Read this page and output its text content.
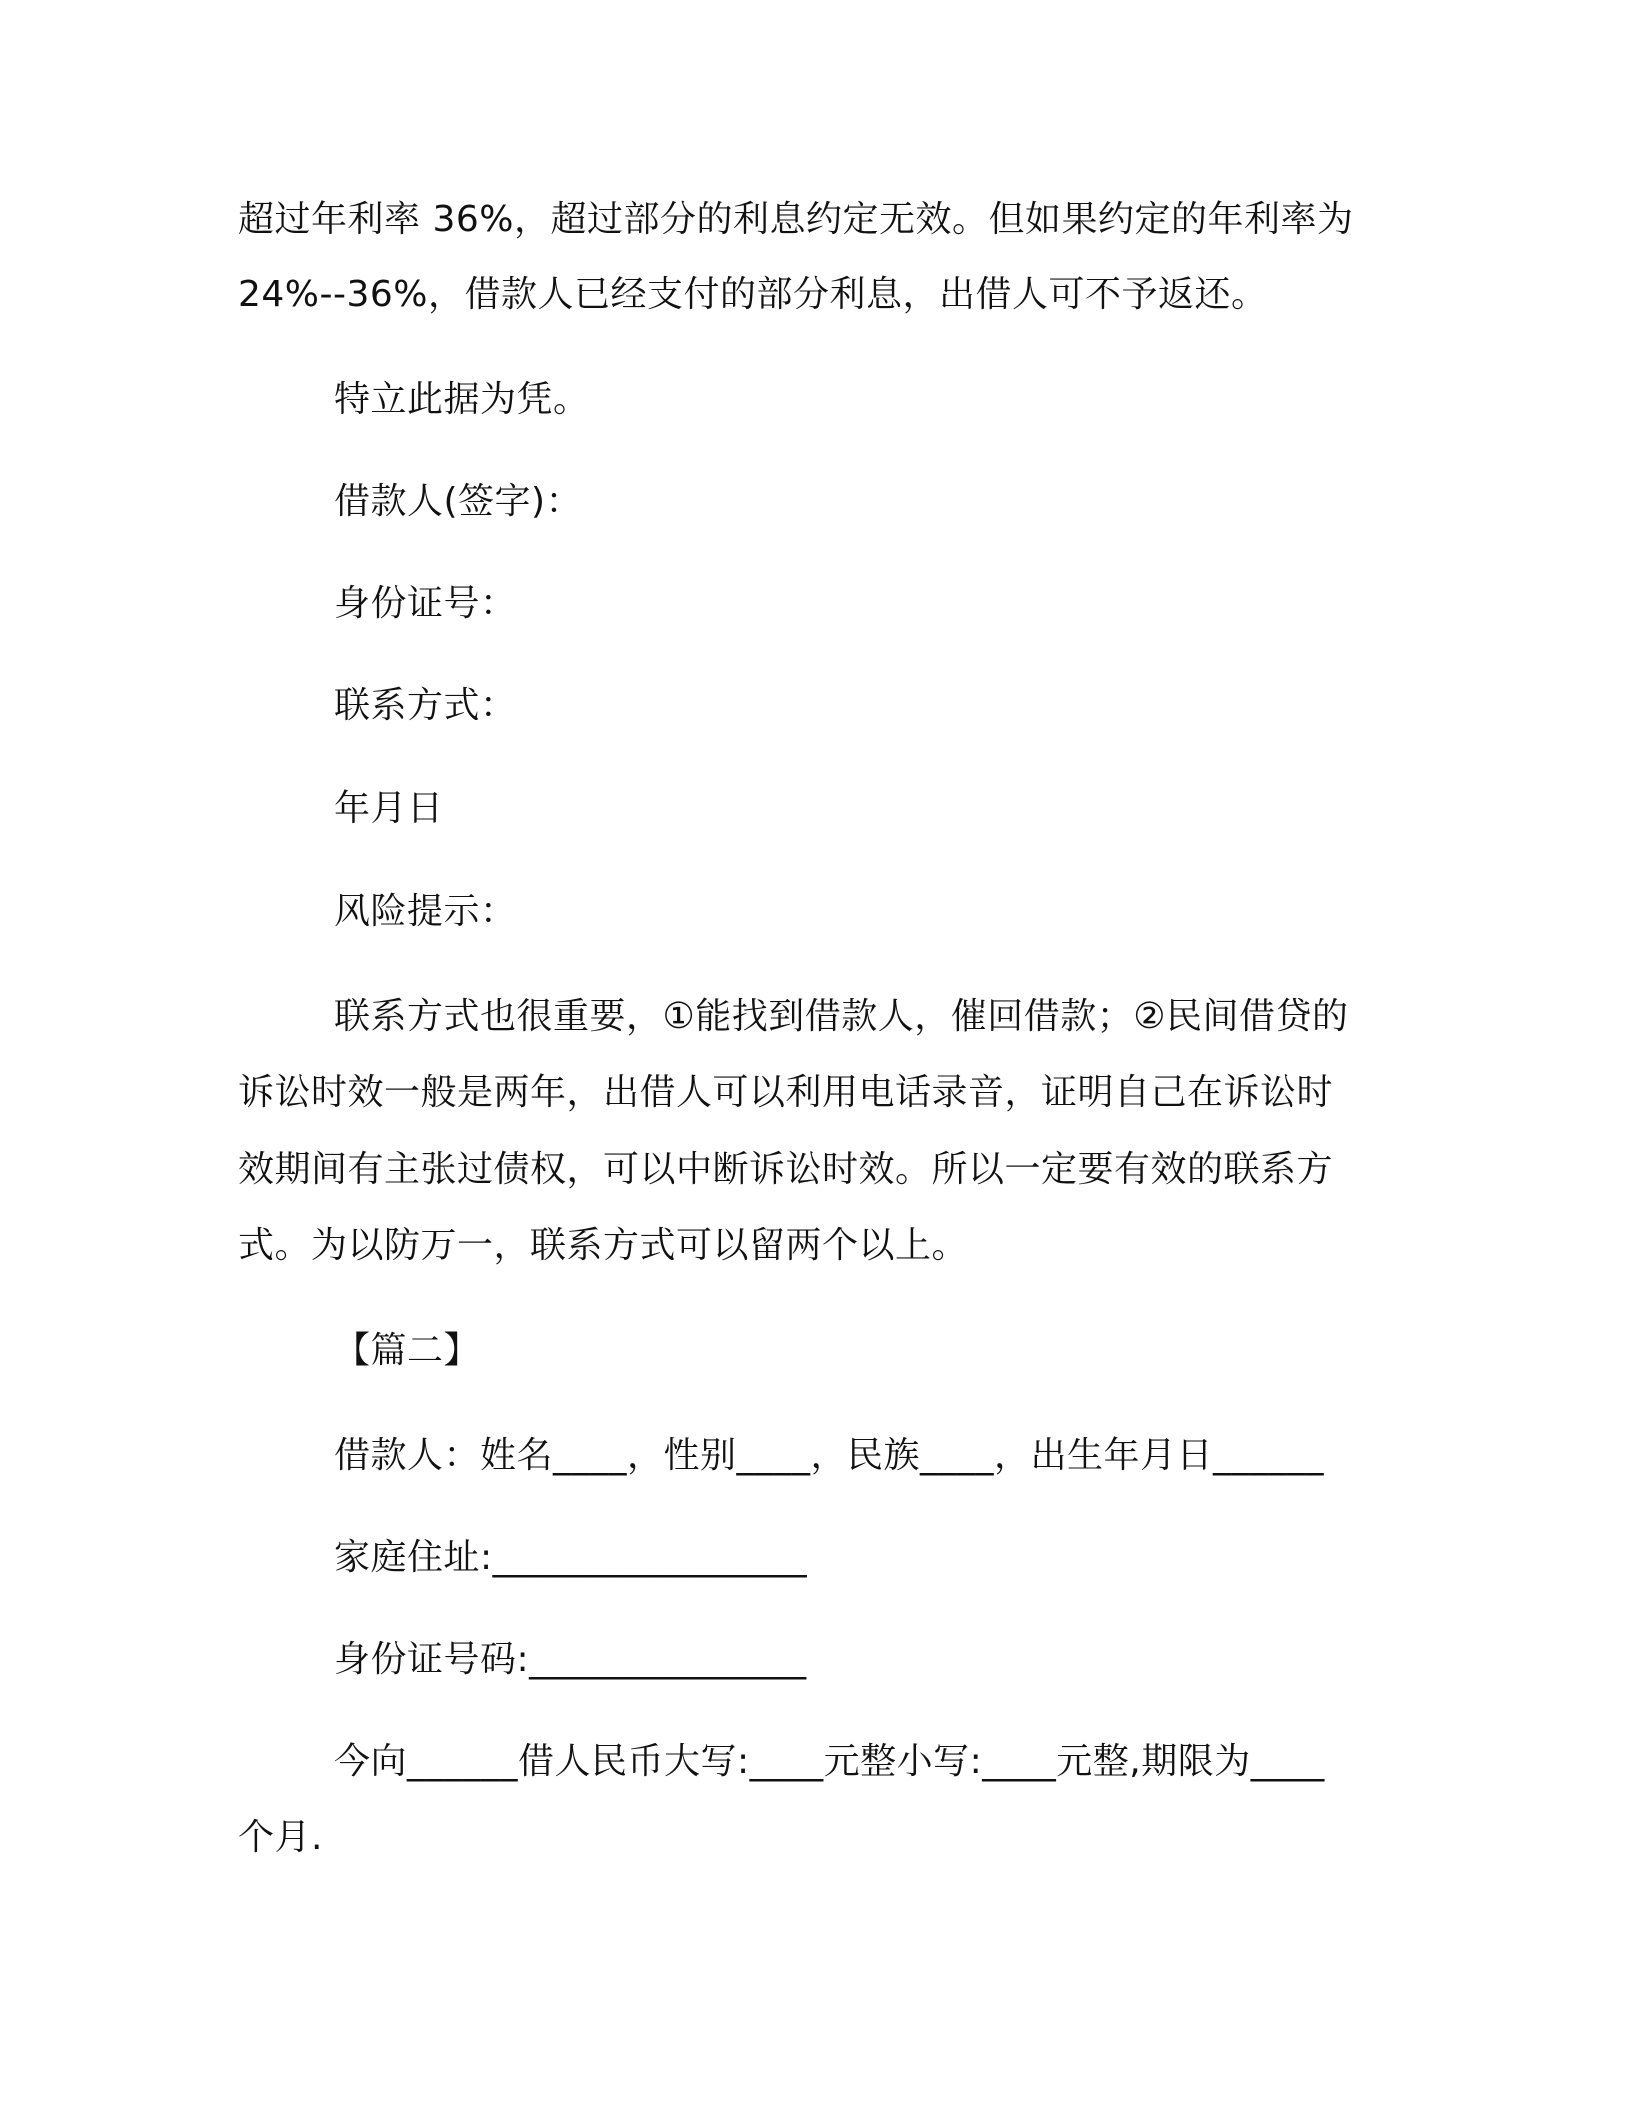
超过年利率 36%，超过部分的利息约定无效。但如果约定的年利率为
24%--36%，借款人已经支付的部分利息，出借人可不予返还。
特立此据为凭。
借款人(签字)：
身份证号：
联系方式：
年月日
风险提示：
联系方式也很重要，①能找到借款人，催回借款；②民间借贷的
诉讼时效一般是两年，出借人可以利用电话录音，证明自己在诉讼时
效期间有主张过债权，可以中断诉讼时效。所以一定要有效的联系方
式。为以防万一，联系方式可以留两个以上。
【篇二】
借款人：姓名____，性别____，民族____，出生年月日______
家庭住址:_________________
身份证号码:_______________
今向______借人民币大写:____元整小写:____元整,期限为____
个月.
